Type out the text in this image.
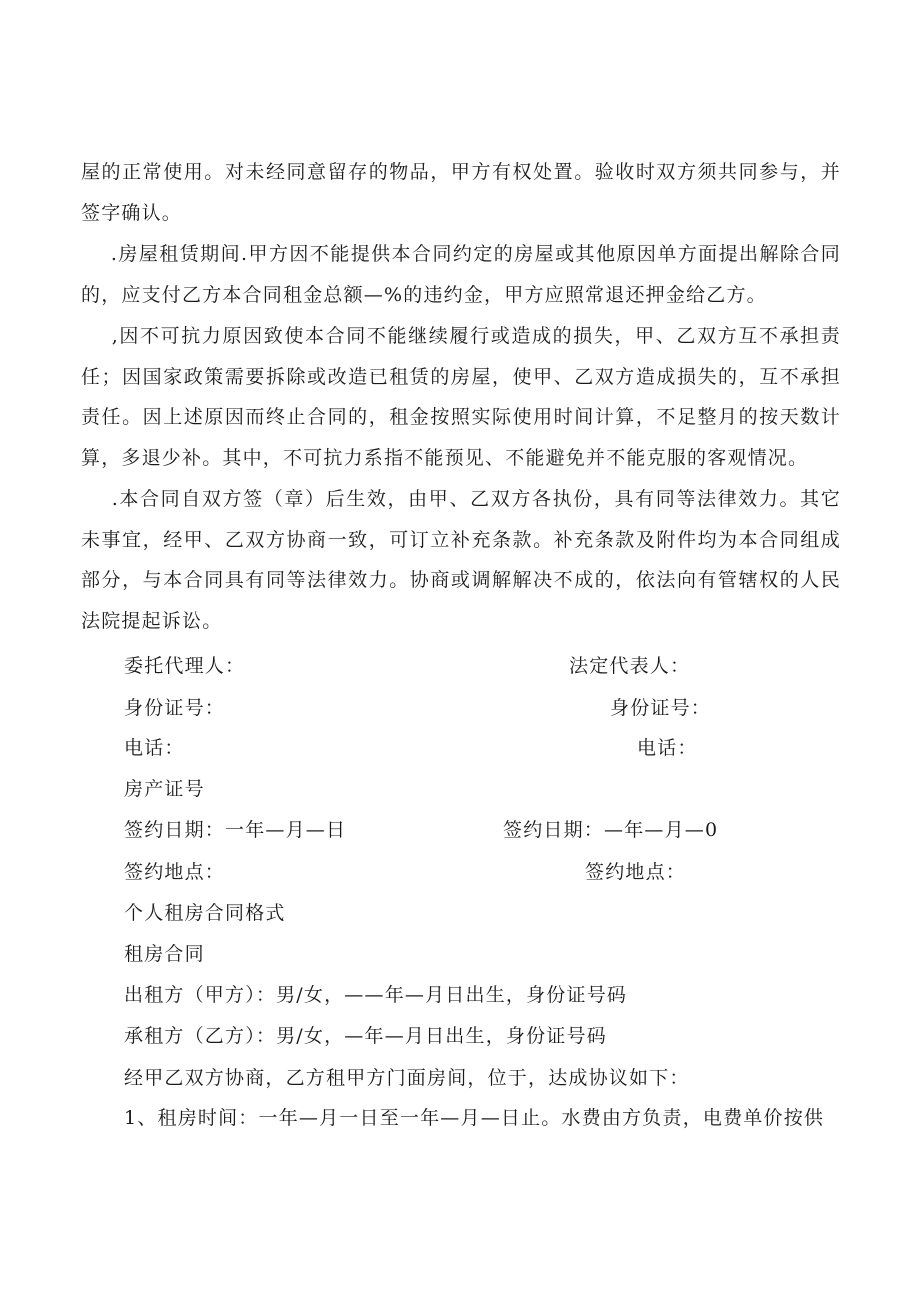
屋的正常使用。对未经同意留存的物品，甲方有权处置。验收时双方须共同参与，并签字确认。

.房屋租赁期间.甲方因不能提供本合同约定的房屋或其他原因单方面提出解除合同的，应支付乙方本合同租金总额—%的违约金，甲方应照常退还押金给乙方。

,因不可抗力原因致使本合同不能继续履行或造成的损失，甲、乙双方互不承担责任；因国家政策需要拆除或改造已租赁的房屋，使甲、乙双方造成损失的，互不承担责任。因上述原因而终止合同的，租金按照实际使用时间计算，不足整月的按天数计算，多退少补。其中，不可抗力系指不能预见、不能避免并不能克服的客观情况。

.本合同自双方签（章）后生效，由甲、乙双方各执份，具有同等法律效力。其它未事宜，经甲、乙双方协商一致，可订立补充条款。补充条款及附件均为本合同组成部分，与本合同具有同等法律效力。协商或调解解决不成的，依法向有管辖权的人民法院提起诉讼。

委托代理人：	法定代表人：
身份证号：	身份证号：
电话：	电话：
房产证号
签约日期：一年—月—日	签约日期：—年—月—0
签约地点：	签约地点：
个人租房合同格式
租房合同
出租方（甲方）：男/女，——年—月日出生，身份证号码
承租方（乙方）：男/女，—年—月日出生，身份证号码
经甲乙双方协商，乙方租甲方门面房间，位于，达成协议如下：
1、租房时间：一年—月一日至一年—月—日止。水费由方负责，电费单价按供
